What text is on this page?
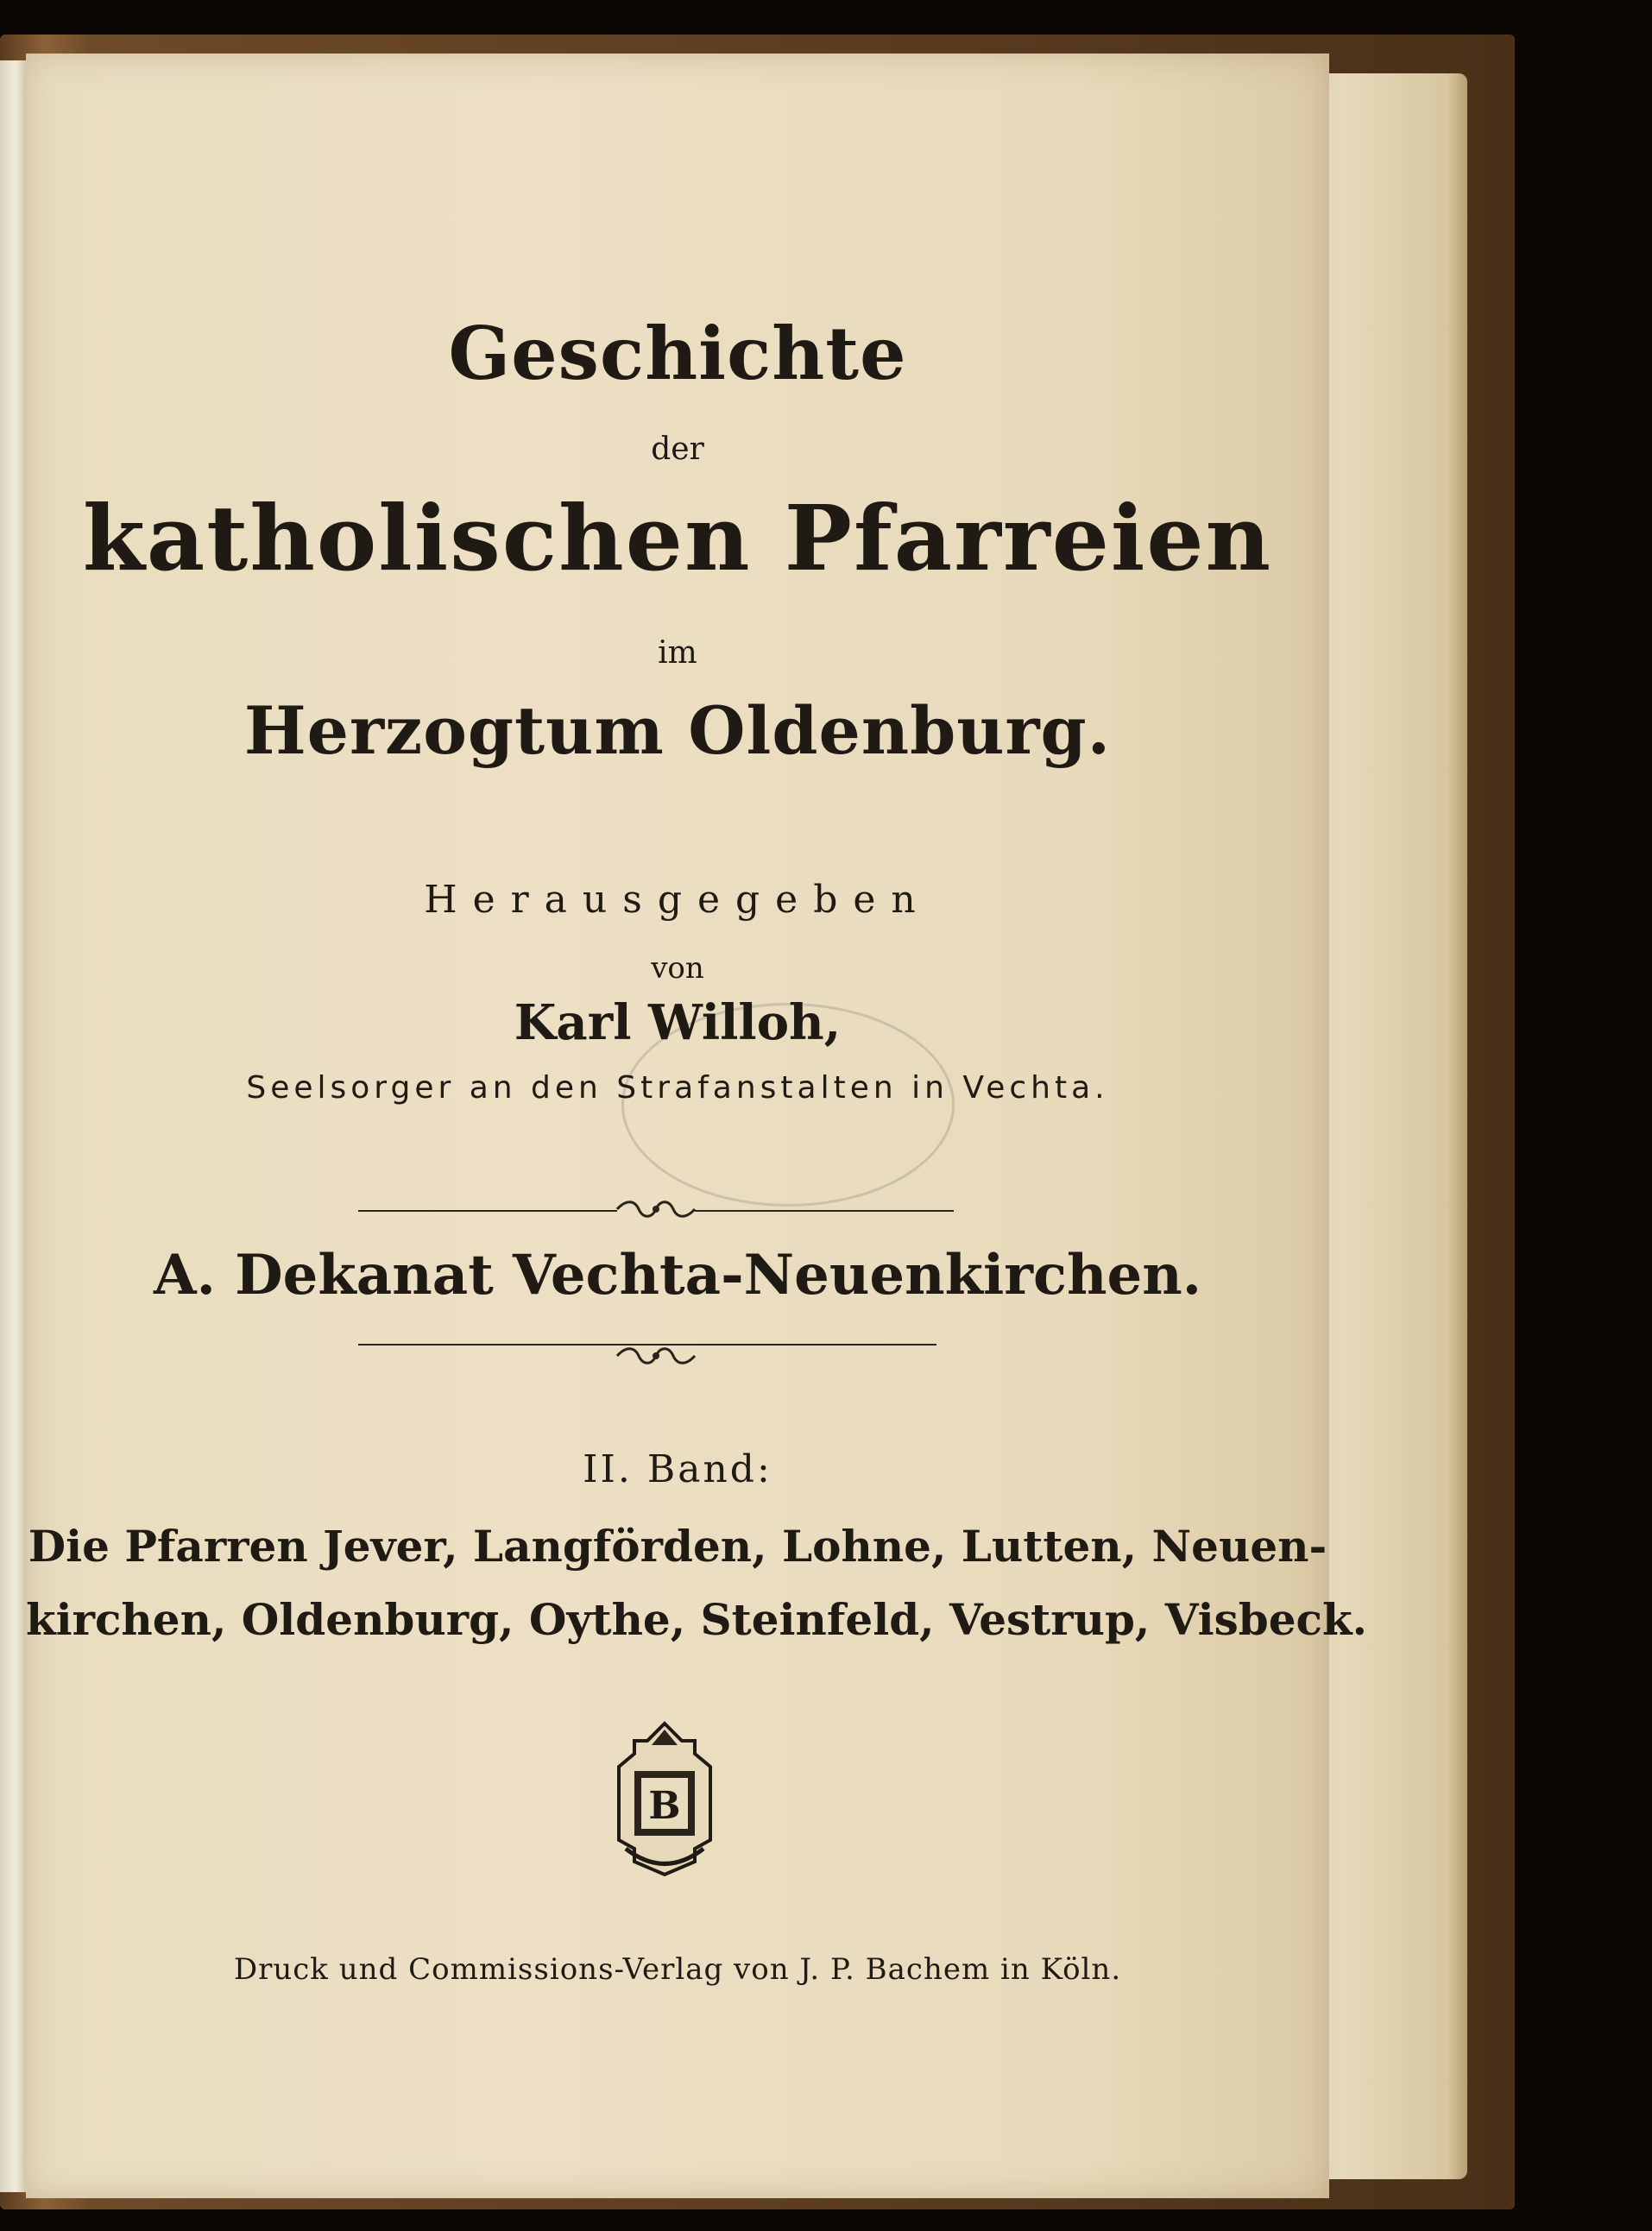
Geschichte
der
katholischen Pfarreien
im
Herzogtum Oldenburg.
Herausgegeben
von
Karl Willoh,
Seelsorger an den Strafanstalten in Vechta.
A. Dekanat Vechta-Neuenkirchen.
II. Band:
Die Pfarren Jever, Langförden, Lohne, Lutten, Neuen-
kirchen, Oldenburg, Oythe, Steinfeld, Vestrup, Visbeck.
B
Druck und Commissions-Verlag von J. P. Bachem in Köln.
